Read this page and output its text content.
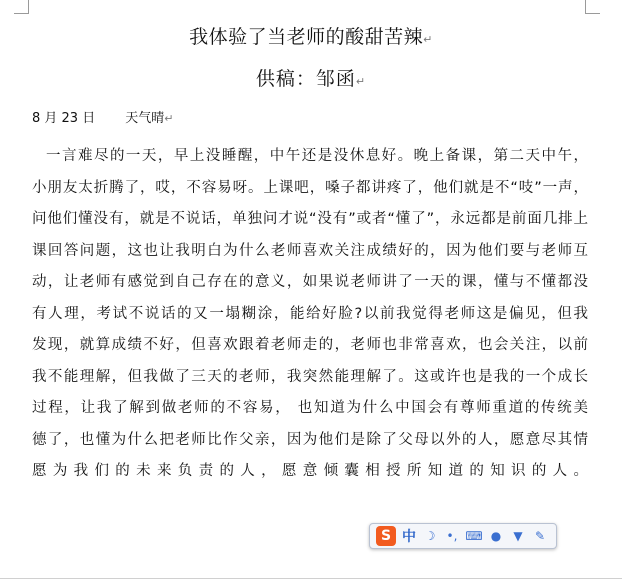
我体验了当老师的酸甜苦辣↵
供稿：邹函↵
8 月 23 日 天气晴↵
一言难尽的一天，早上没睡醒，中午还是没休息好。晚上备课，第二天中午，
小朋友太折腾了，哎，不容易呀。上课吧，嗓子都讲疼了，他们就是不“吱”一声，
问他们懂没有，就是不说话，单独问才说“没有”或者“懂了”，永远都是前面几排上
课回答问题，这也让我明白为什么老师喜欢关注成绩好的，因为他们要与老师互
动，让老师有感觉到自己存在的意义，如果说老师讲了一天的课，懂与不懂都没
有人理，考试不说话的又一塌糊涂，能给好脸?以前我觉得老师这是偏见，但我
发现，就算成绩不好，但喜欢跟着老师走的，老师也非常喜欢，也会关注，以前
我不能理解，但我做了三天的老师，我突然能理解了。这或许也是我的一个成长
过程，让我了解到做老师的不容易， 也知道为什么中国会有尊师重道的传统美
德了，也懂为什么把老师比作父亲，因为他们是除了父母以外的人，愿意尽其情
愿为我们的未来负责的人，愿意倾囊相授所知道的知识的人。
S 中 ☽ •, ⌨ ● ▼ ✎
